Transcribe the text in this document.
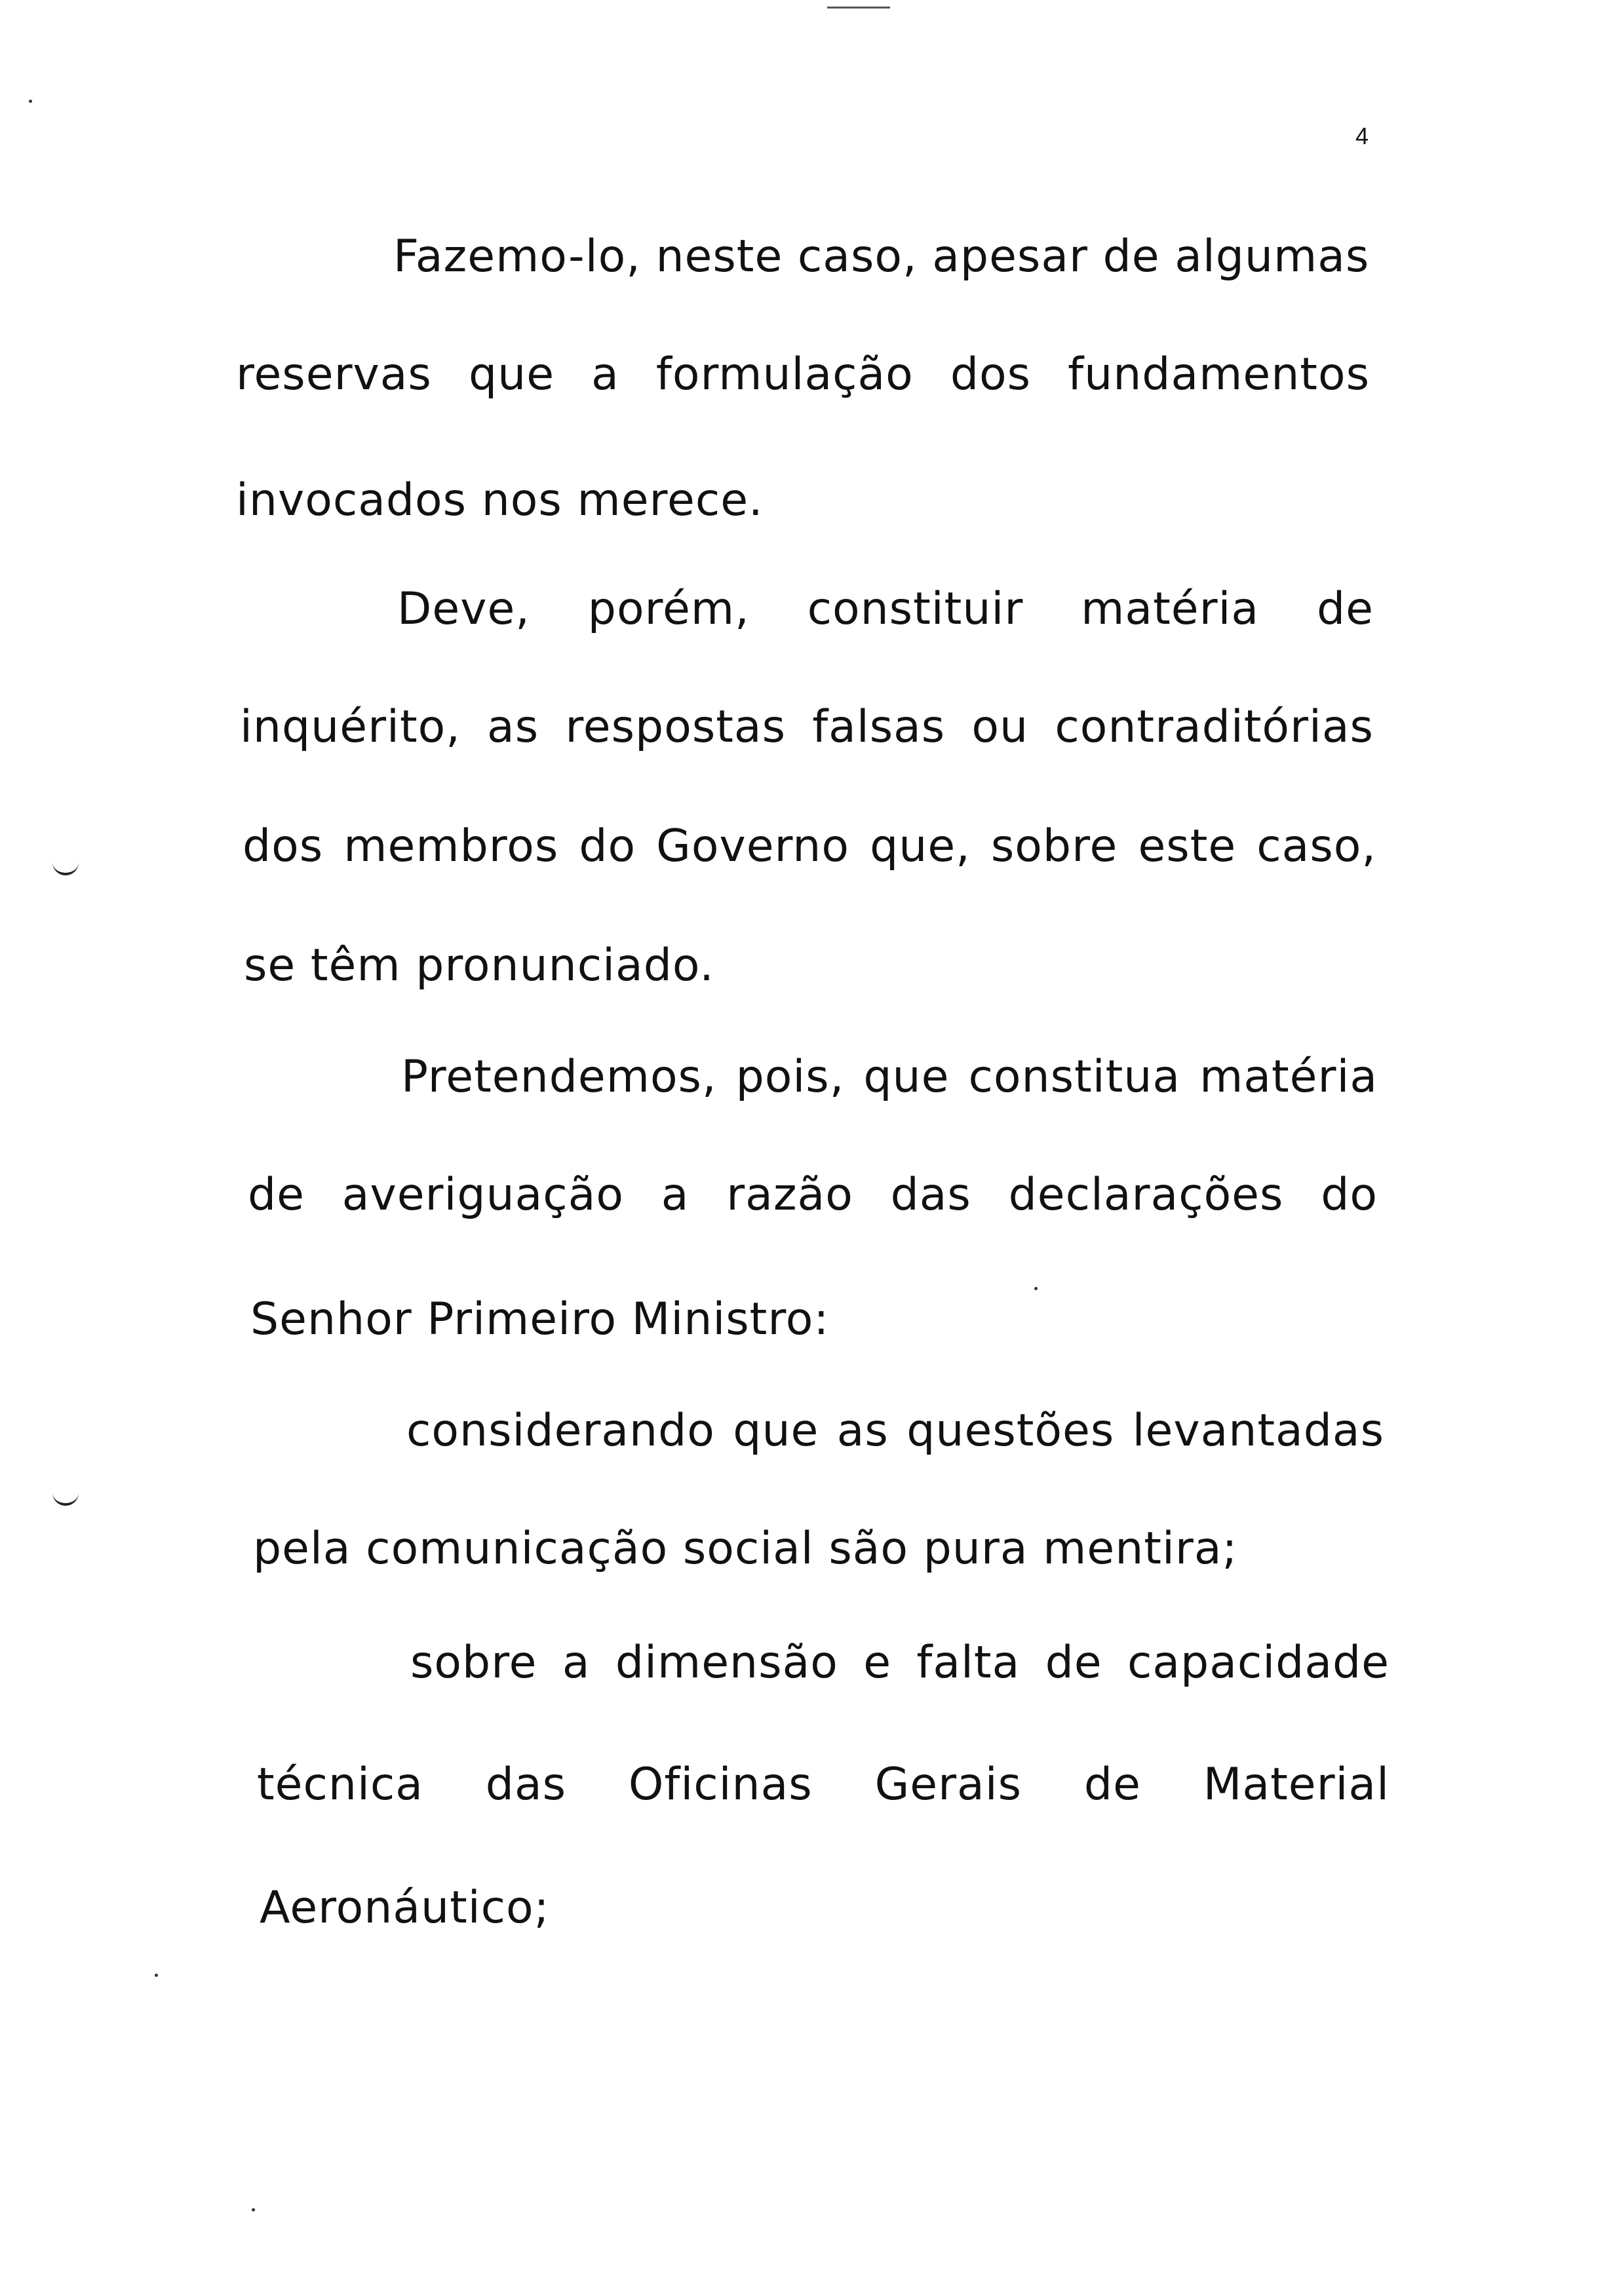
4
Fazemo-lo, neste caso, apesar de algumas
reservas que a formulação dos fundamentos
invocados nos merece.
Deve, porém, constituir matéria de
inquérito, as respostas falsas ou contraditórias
dos membros do Governo que, sobre este caso,
se têm pronunciado.
Pretendemos, pois, que constitua matéria
de averiguação a razão das declarações do
Senhor Primeiro Ministro:
considerando que as questões levantadas
pela comunicação social são pura mentira;
sobre a dimensão e falta de capacidade
técnica das Oficinas Gerais de Material
Aeronáutico;
